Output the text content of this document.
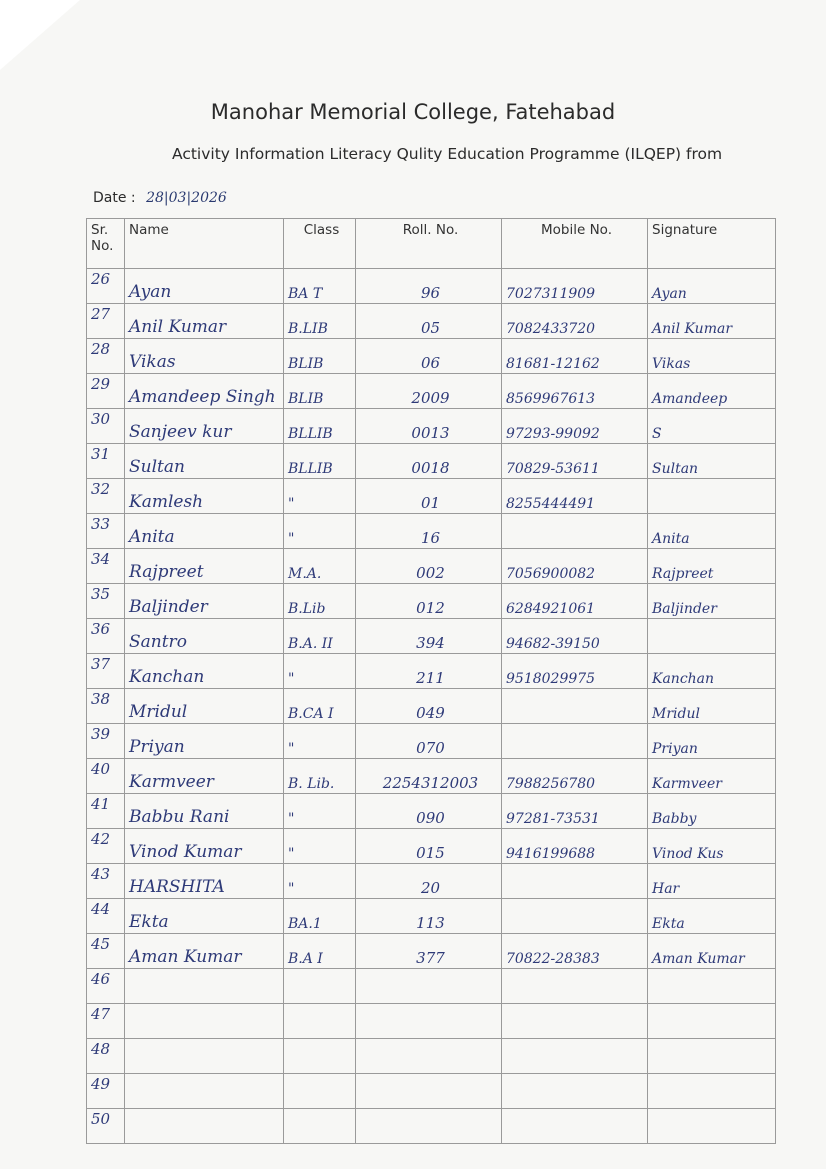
Manohar Memorial College, Fatehabad
Activity Information Literacy Qulity Education Programme (ILQEP) from
Date : 28|03|2026
Sr. No.	Name	Class	Roll. No.	Mobile No.	Signature
26	Ayan	BA T	96	7027311909	Ayan
27	Anil Kumar	B.LIB	05	7082433720	Anil Kumar
28	Vikas	BLIB	06	81681-12162	Vikas
29	Amandeep Singh	BLIB	2009	8569967613	Amandeep
30	Sanjeev kur	BLLIB	0013	97293-99092	S
31	Sultan	BLLIB	0018	70829-53611	Sultan
32	Kamlesh	"	01	8255444491	
33	Anita	"	16		Anita
34	Rajpreet	M.A.	002	7056900082	Rajpreet
35	Baljinder	B.Lib	012	6284921061	Baljinder
36	Santro	B.A. II	394	94682-39150	
37	Kanchan	"	211	9518029975	Kanchan
38	Mridul	B.CA I	049		Mridul
39	Priyan	"	070		Priyan
40	Karmveer	B. Lib.	2254312003	7988256780	Karmveer
41	Babbu Rani	"	090	97281-73531	Babby
42	Vinod Kumar	"	015	9416199688	Vinod Kus
43	HARSHITA	"	20		Har
44	Ekta	BA.1	113		Ekta
45	Aman Kumar	B.A I	377	70822-28383	Aman Kumar
46					
47					
48					
49					
50					
